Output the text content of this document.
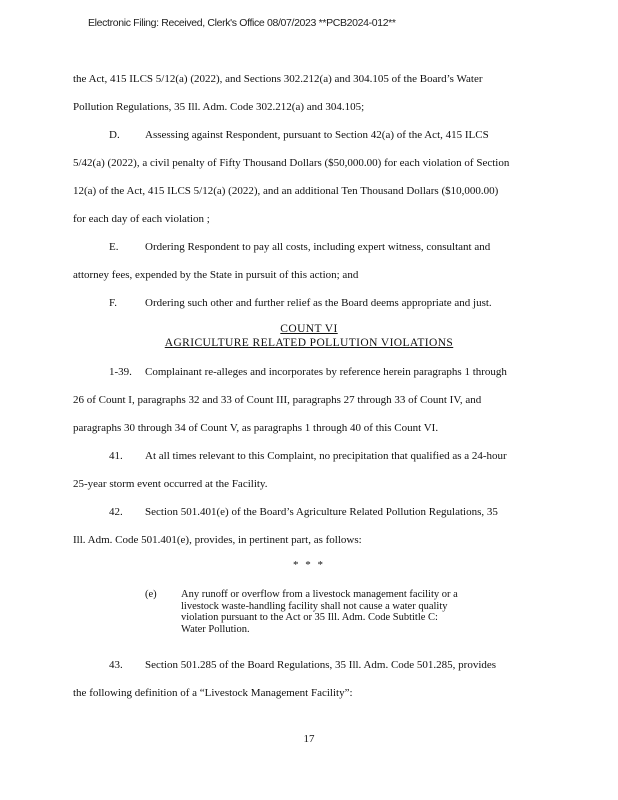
Electronic Filing: Received, Clerk's Office 08/07/2023 **PCB2024-012**
the Act, 415 ILCS 5/12(a) (2022), and Sections 302.212(a) and 304.105 of the Board’s Water
Pollution Regulations, 35 Ill. Adm. Code 302.212(a) and 304.105;
D. Assessing against Respondent, pursuant to Section 42(a) of the Act, 415 ILCS
5/42(a) (2022), a civil penalty of Fifty Thousand Dollars ($50,000.00) for each violation of Section
12(a) of the Act, 415 ILCS 5/12(a) (2022), and an additional Ten Thousand Dollars ($10,000.00)
for each day of each violation ;
E. Ordering Respondent to pay all costs, including expert witness, consultant and
attorney fees, expended by the State in pursuit of this action; and
F.	Ordering such other and further relief as the Board deems appropriate and just.
COUNT VI
AGRICULTURE RELATED POLLUTION VIOLATIONS
1-39. Complainant re-alleges and incorporates by reference herein paragraphs 1 through
26 of Count I, paragraphs 32 and 33 of Count III, paragraphs 27 through 33 of Count IV, and
paragraphs 30 through 34 of Count V, as paragraphs 1 through 40 of this Count VI.
41. At all times relevant to this Complaint, no precipitation that qualified as a 24-hour
25-year storm event occurred at the Facility.
42. Section 501.401(e) of the Board’s Agriculture Related Pollution Regulations, 35
Ill. Adm. Code 501.401(e), provides, in pertinent part, as follows:
* * *
(e) Any runoff or overflow from a livestock management facility or a
livestock waste-handling facility shall not cause a water quality
violation pursuant to the Act or 35 Ill. Adm. Code Subtitle C:
Water Pollution.
43. Section 501.285 of the Board Regulations, 35 Ill. Adm. Code 501.285, provides
the following definition of a “Livestock Management Facility”:
17
